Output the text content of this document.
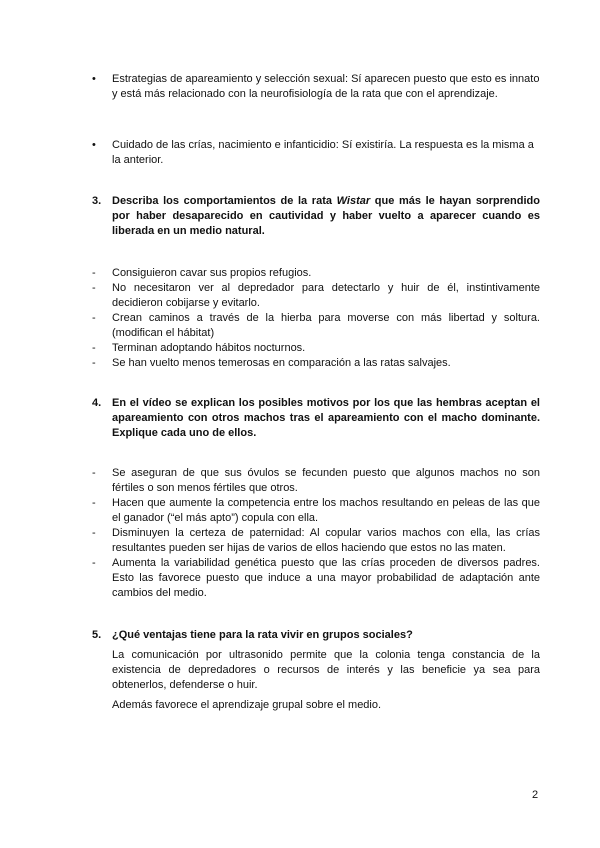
• Estrategias de apareamiento y selección sexual: Sí aparecen puesto que esto es innato y está más relacionado con la neurofisiología de la rata que con el aprendizaje.
• Cuidado de las crías, nacimiento e infanticidio: Sí existiría. La respuesta es la misma a la anterior.
3. Describa los comportamientos de la rata Wistar que más le hayan sorprendido por haber desaparecido en cautividad y haber vuelto a aparecer cuando es liberada en un medio natural.
- Consiguieron cavar sus propios refugios.
- No necesitaron ver al depredador para detectarlo y huir de él, instintivamente decidieron cobijarse y evitarlo.
- Crean caminos a través de la hierba para moverse con más libertad y soltura. (modifican el hábitat)
- Terminan adoptando hábitos nocturnos.
- Se han vuelto menos temerosas en comparación a las ratas salvajes.
4. En el vídeo se explican los posibles motivos por los que las hembras aceptan el apareamiento con otros machos tras el apareamiento con el macho dominante. Explique cada uno de ellos.
- Se aseguran de que sus óvulos se fecunden puesto que algunos machos no son fértiles o son menos fértiles que otros.
- Hacen que aumente la competencia entre los machos resultando en peleas de las que el ganador (“el más apto”) copula con ella.
- Disminuyen la certeza de paternidad: Al copular varios machos con ella, las crías resultantes pueden ser hijas de varios de ellos haciendo que estos no las maten.
- Aumenta la variabilidad genética puesto que las crías proceden de diversos padres. Esto las favorece puesto que induce a una mayor probabilidad de adaptación ante cambios del medio.
5. ¿Qué ventajas tiene para la rata vivir en grupos sociales?
La comunicación por ultrasonido permite que la colonia tenga constancia de la existencia de depredadores o recursos de interés y las beneficie ya sea para obtenerlos, defenderse o huir.
Además favorece el aprendizaje grupal sobre el medio.
2
